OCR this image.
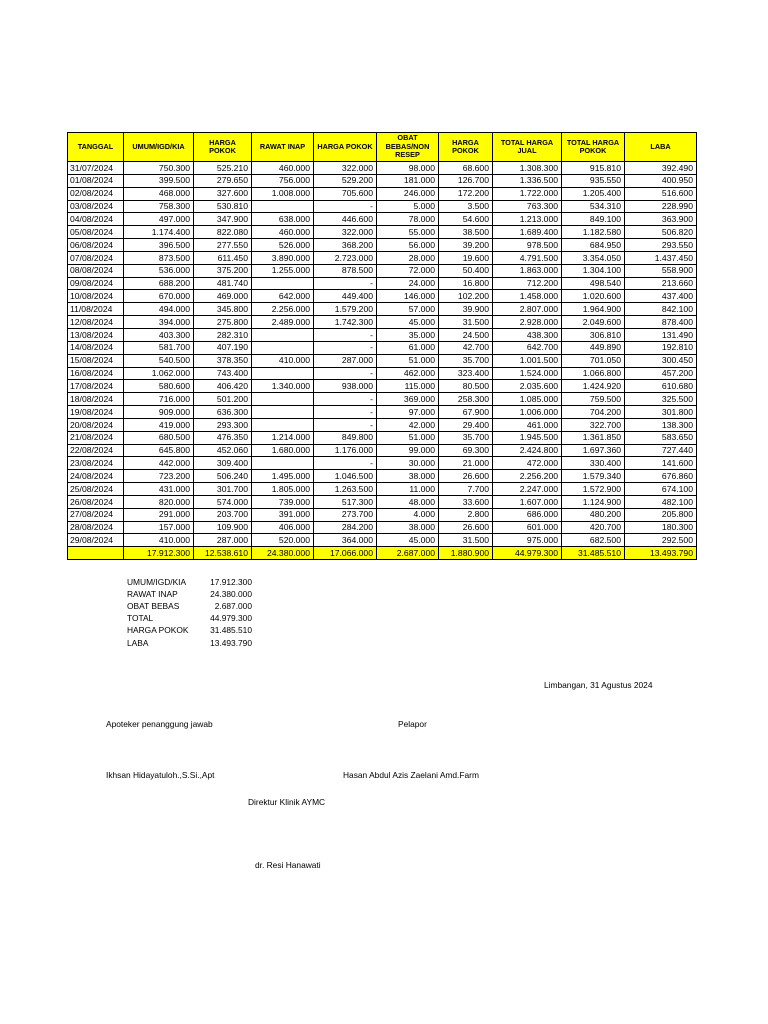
TANGGAL	UMUM/IGD/KIA	HARGA POKOK	RAWAT INAP	HARGA POKOK	OBAT BEBAS/NON RESEP	HARGA POKOK	TOTAL HARGA JUAL	TOTAL HARGA POKOK	LABA
31/07/2024	750.300	525.210	460.000	322.000	98.000	68.600	1.308.300	915.810	392.490
01/08/2024	399.500	279.650	756.000	529.200	181.000	126.700	1.336.500	935.550	400.950
02/08/2024	468.000	327.600	1.008.000	705.600	246.000	172.200	1.722.000	1.205.400	516.600
03/08/2024	758.300	530.810		-	5.000	3.500	763.300	534.310	228.990
04/08/2024	497.000	347.900	638.000	446.600	78.000	54.600	1.213.000	849.100	363.900
05/08/2024	1.174.400	822.080	460.000	322.000	55.000	38.500	1.689.400	1.182.580	506.820
06/08/2024	396.500	277.550	526.000	368.200	56.000	39.200	978.500	684.950	293.550
07/08/2024	873.500	611.450	3.890.000	2.723.000	28.000	19.600	4.791.500	3.354.050	1.437.450
08/08/2024	536.000	375.200	1.255.000	878.500	72.000	50.400	1.863.000	1.304.100	558.900
09/08/2024	688.200	481.740		-	24.000	16.800	712.200	498.540	213.660
10/08/2024	670.000	469.000	642.000	449.400	146.000	102.200	1.458.000	1.020.600	437.400
11/08/2024	494.000	345.800	2.256.000	1.579.200	57.000	39.900	2.807.000	1.964.900	842.100
12/08/2024	394.000	275.800	2.489.000	1.742.300	45.000	31.500	2.928.000	2.049.600	878.400
13/08/2024	403.300	282.310		-	35.000	24.500	438.300	306.810	131.490
14/08/2024	581.700	407.190		-	61.000	42.700	642.700	449.890	192.810
15/08/2024	540.500	378.350	410.000	287.000	51.000	35.700	1.001.500	701.050	300.450
16/08/2024	1.062.000	743.400		-	462.000	323.400	1.524.000	1.066.800	457.200
17/08/2024	580.600	406.420	1.340.000	938.000	115.000	80.500	2.035.600	1.424.920	610.680
18/08/2024	716.000	501.200		-	369.000	258.300	1.085.000	759.500	325.500
19/08/2024	909.000	636.300		-	97.000	67.900	1.006.000	704.200	301.800
20/08/2024	419.000	293.300		-	42.000	29.400	461.000	322.700	138.300
21/08/2024	680.500	476.350	1.214.000	849.800	51.000	35.700	1.945.500	1.361.850	583.650
22/08/2024	645.800	452.060	1.680.000	1.176.000	99.000	69.300	2.424.800	1.697.360	727.440
23/08/2024	442.000	309.400		-	30.000	21.000	472.000	330.400	141.600
24/08/2024	723.200	506.240	1.495.000	1.046.500	38.000	26.600	2.256.200	1.579.340	676.860
25/08/2024	431.000	301.700	1.805.000	1.263.500	11.000	7.700	2.247.000	1.572.900	674.100
26/08/2024	820.000	574.000	739.000	517.300	48.000	33.600	1.607.000	1.124.900	482.100
27/08/2024	291.000	203.700	391.000	273.700	4.000	2.800	686.000	480.200	205.800
28/08/2024	157.000	109.900	406.000	284.200	38.000	26.600	601.000	420.700	180.300
29/08/2024	410.000	287.000	520.000	364.000	45.000	31.500	975.000	682.500	292.500
	17.912.300	12.538.610	24.380.000	17.066.000	2.687.000	1.880.900	44.979.300	31.485.510	13.493.790
UMUM/IGD/KIA	17.912.300
RAWAT INAP	24.380.000
OBAT BEBAS	2.687.000
TOTAL	44.979.300
HARGA POKOK	31.485.510
LABA	13.493.790
Limbangan, 31 Agustus 2024
Apoteker penanggung jawab	Pelapor
Ikhsan Hidayatuloh.,S.Si.,Apt	Hasan Abdul Azis Zaelani Amd.Farm
Direktur Klinik AYMC
dr. Resi Hanawati
